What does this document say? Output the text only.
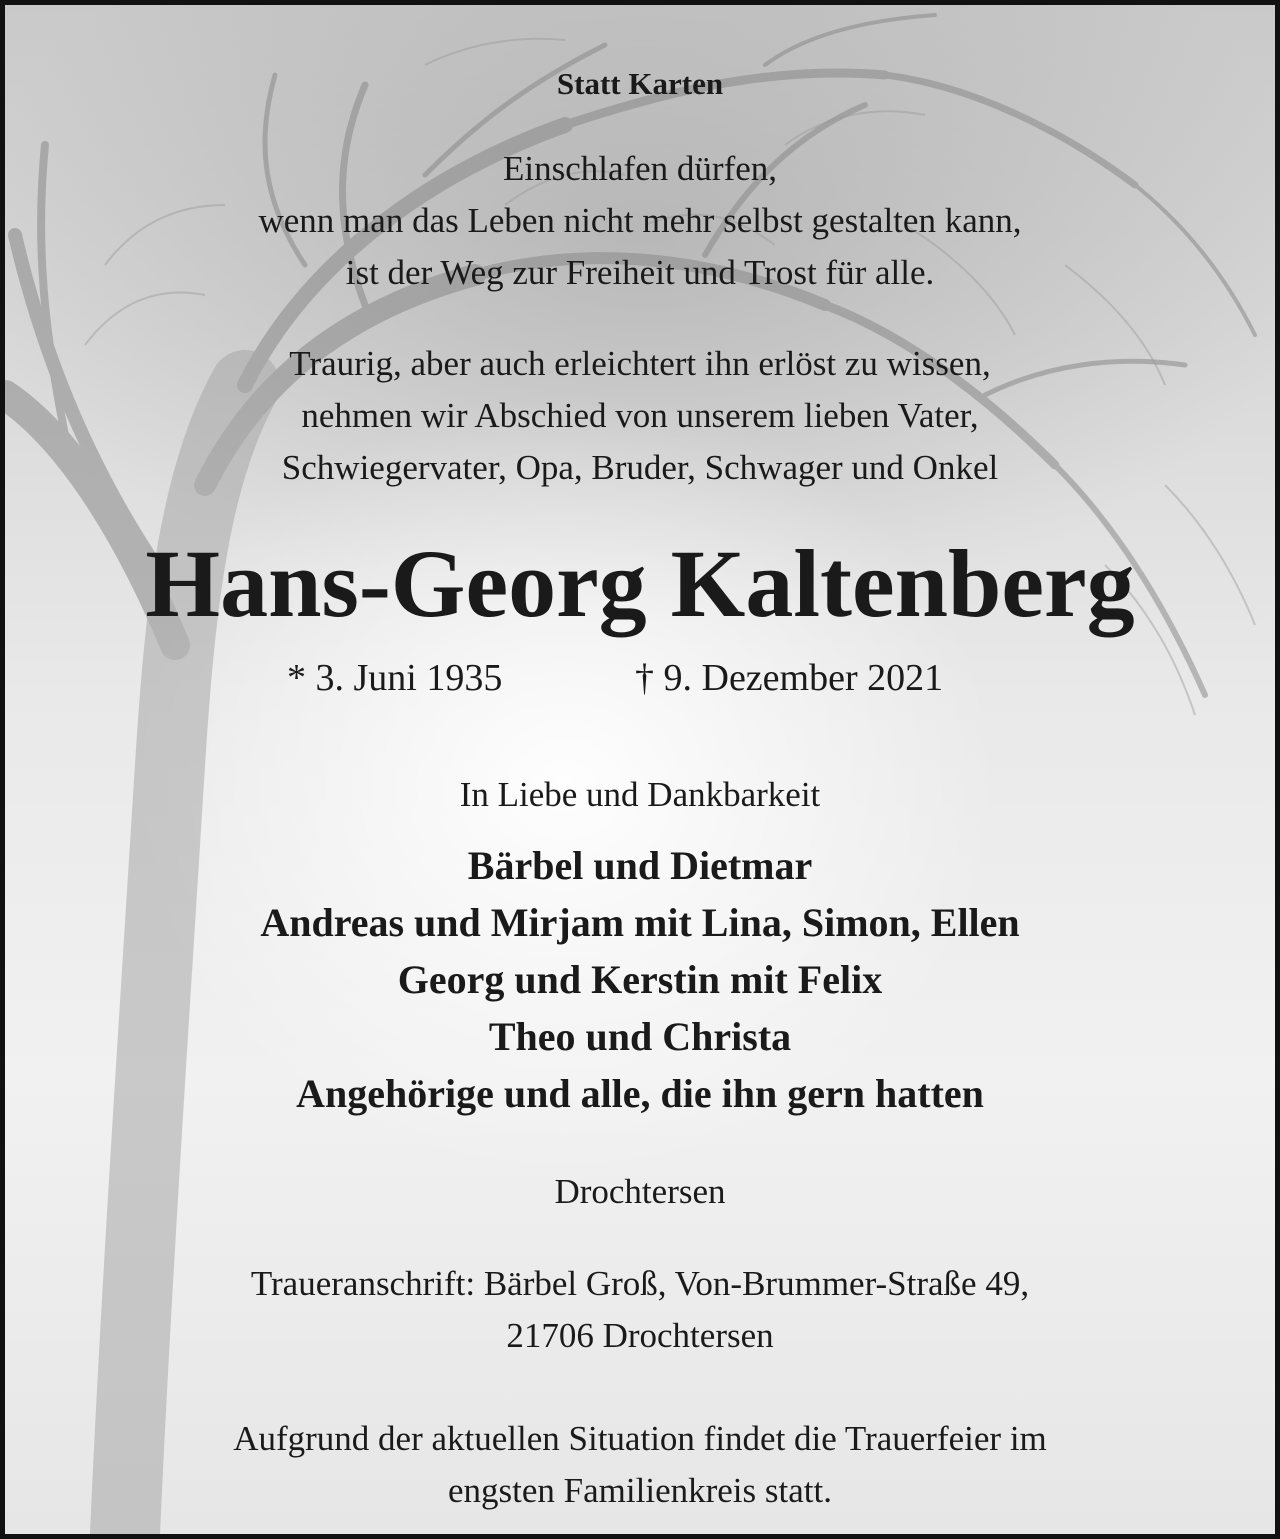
Statt Karten

Einschlafen dürfen,
wenn man das Leben nicht mehr selbst gestalten kann,
ist der Weg zur Freiheit und Trost für alle.

Traurig, aber auch erleichtert ihn erlöst zu wissen,
nehmen wir Abschied von unserem lieben Vater,
Schwiegervater, Opa, Bruder, Schwager und Onkel

Hans-Georg Kaltenberg
* 3. Juni 1935	† 9. Dezember 2021

In Liebe und Dankbarkeit

Bärbel und Dietmar
Andreas und Mirjam mit Lina, Simon, Ellen
Georg und Kerstin mit Felix
Theo und Christa
Angehörige und alle, die ihn gern hatten

Drochtersen

Traueranschrift: Bärbel Groß, Von-Brummer-Straße 49,
21706 Drochtersen

Aufgrund der aktuellen Situation findet die Trauerfeier im
engsten Familienkreis statt.
